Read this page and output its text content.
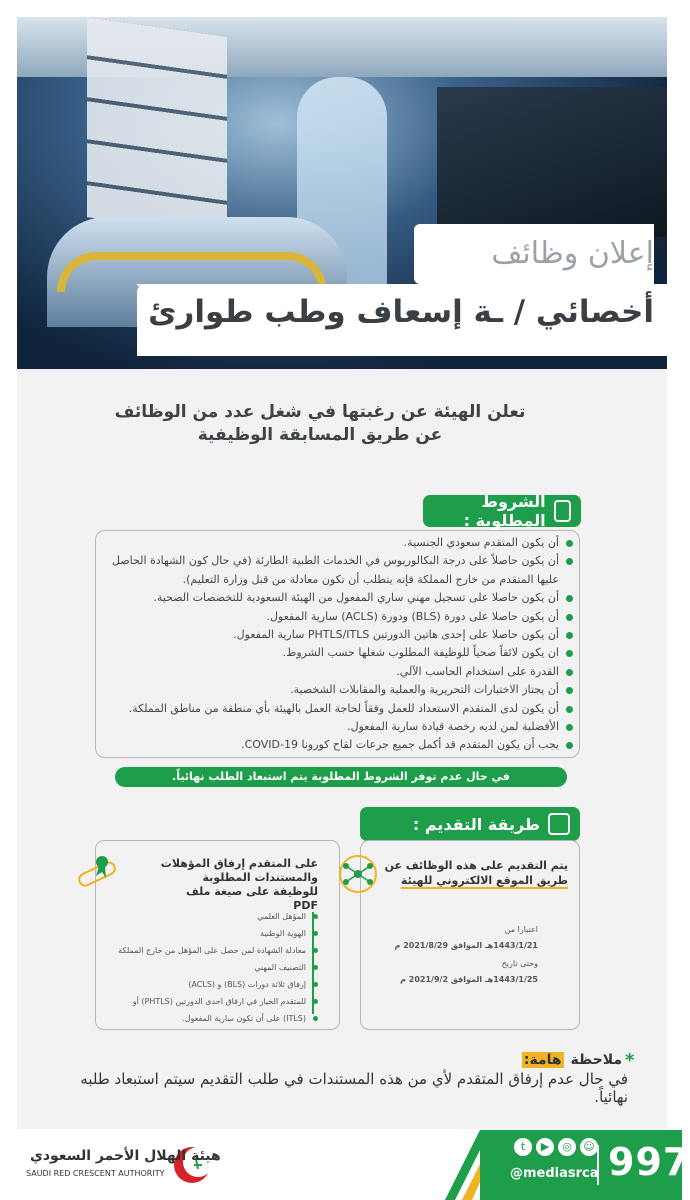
إعلان وظائف
أخصائي / ـة إسعاف وطب طوارئ
تعلن الهيئة عن رغبتها في شغل عدد من الوظائف
عن طريق المسابقة الوظيفية
الشروط المطلوبة :
أن يكون المتقدم سعودي الجنسية.
أن يكون حاصلاً على درجة البكالوريوس في الخدمات الطبية الطارئة (في حال كون الشهادة الحاصل عليها المتقدم من خارج المملكة فإنه يتطلب أن تكون معادلة من قبل وزارة التعليم).
أن يكون حاصلا على تسجيل مهني ساري المفعول من الهيئة السعودية للتخصصات الصحية.
أن يكون حاصلا على دورة (BLS) ودورة (ACLS) سارية المفعول.
أن يكون حاصلا على إحدى هاتين الدورتين PHTLS/ITLS سارية المفعول.
ان يكون لائقاً صحياً للوظيفة المطلوب شغلها حسب الشروط.
القدرة على استخدام الحاسب الآلي.
أن يجتاز الاختبارات التحريرية والعملية والمقابلات الشخصية.
أن يكون لدى المتقدم الاستعداد للعمل وفقاً لحاجة العمل بالهيئة بأي منطقة من مناطق المملكة.
الأفضلية لمن لديه رخصة قيادة سارية المفعول.
يجب أن يكون المتقدم قد أكمل جميع جرعات لقاح كورونا COVID-19.
في حال عدم توفر الشروط المطلوبة يتم استبعاد الطلب نهائياً.
طريقة التقديم :
يتم التقديم على هذه الوظائف عن
طريق الموقع الالكتروني للهيئة
اعتبارا من
1443/1/21هـ الموافق 2021/8/29 م
وحتى تاريخ
1443/1/25هـ الموافق 2021/9/2 م
على المتقدم إرفاق المؤهلات والمستندات المطلوبة للوظيفة على صيغة ملف PDF
المؤهل العلمي
الهوية الوطنية
معادلة الشهادة لمن حصل على المؤهل من خارج المملكة
التصنيف المهني
إرفاق ثلاثة دورات (BLS) و (ACLS)
للمتقدم الخيار في ارفاق احدى الدورتين (PHTLS) أو
(ITLS) على أن تكون سارية المفعول.
*
ملاحظة هامة:
في حال عدم إرفاق المتقدم لأي من هذه المستندات في طلب التقديم سيتم استبعاد طلبه نهائياً.
997
t	▶	◎	☺
@mediasrca
هيئة الهلال الأحمر السعودي
SAUDI RED CRESCENT AUTHORITY
